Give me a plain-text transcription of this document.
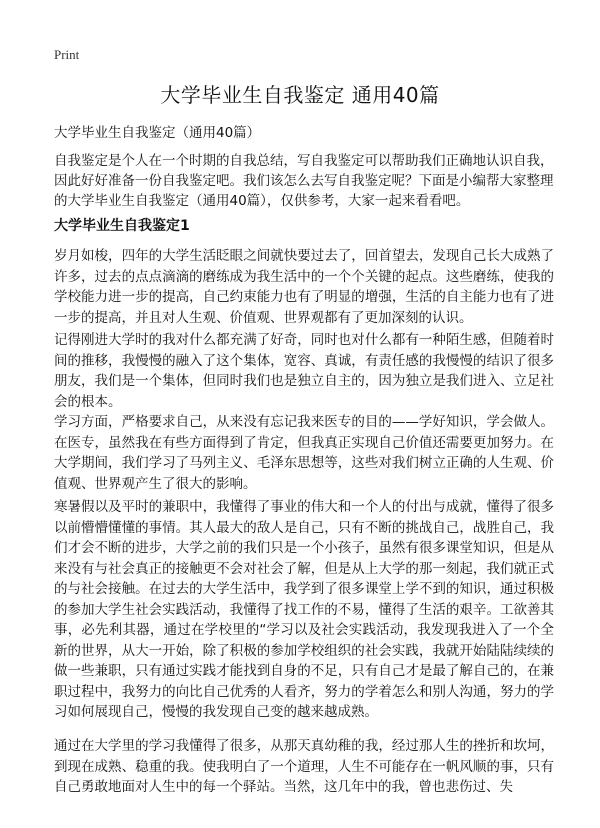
Print
大学毕业生自我鉴定 通用40篇
大学毕业生自我鉴定（通用40篇）

自我鉴定是个人在一个时期的自我总结，写自我鉴定可以帮助我们正确地认识自我，因此好好准备一份自我鉴定吧。我们该怎么去写自我鉴定呢？下面是小编帮大家整理的大学毕业生自我鉴定（通用40篇），仅供参考，大家一起来看看吧。

大学毕业生自我鉴定1

岁月如梭，四年的大学生活眨眼之间就快要过去了，回首望去，发现自己长大成熟了许多，过去的点点滴滴的磨练成为我生活中的一个个关键的起点。这些磨练，使我的学校能力进一步的提高，自己约束能力也有了明显的增强，生活的自主能力也有了进一步的提高，并且对人生观、价值观、世界观都有了更加深刻的认识。

记得刚进大学时的我对什么都充满了好奇，同时也对什么都有一种陌生感，但随着时间的推移，我慢慢的融入了这个集体，宽容、真诚，有责任感的我慢慢的结识了很多朋友，我们是一个集体，但同时我们也是独立自主的，因为独立是我们进入、立足社会的根本。

学习方面，严格要求自己，从来没有忘记我来医专的目的——学好知识，学会做人。在医专，虽然我在有些方面得到了肯定，但我真正实现自己价值还需要更加努力。在大学期间，我们学习了马列主义、毛泽东思想等，这些对我们树立正确的人生观、价值观、世界观产生了很大的影响。

寒暑假以及平时的兼职中，我懂得了事业的伟大和一个人的付出与成就，懂得了很多以前懵懵懂懂的事情。其人最大的敌人是自己，只有不断的挑战自己，战胜自己，我们才会不断的进步，大学之前的我们只是一个小孩子，虽然有很多课堂知识，但是从来没有与社会真正的接触更不会对社会了解，但是从上大学的那一刻起，我们就正式的与社会接触。在过去的大学生活中，我学到了很多课堂上学不到的知识，通过积极的参加大学生社会实践活动，我懂得了找工作的不易，懂得了生活的艰辛。工欲善其事，必先利其器，通过在学校里的“学习以及社会实践活动，我发现我进入了一个全新的世界，从大一开始，除了积极的参加学校组织的社会实践，我就开始陆陆续续的做一些兼职，只有通过实践才能找到自身的不足，只有自己才是最了解自己的，在兼职过程中，我努力的向比自己优秀的人看齐，努力的学着怎么和别人沟通，努力的学习如何展现自己，慢慢的我发现自己变的越来越成熟。

通过在大学里的学习我懂得了很多，从那天真幼稚的我，经过那人生的挫折和坎坷，到现在成熟、稳重的我。使我明白了一个道理，人生不可能存在一帆风顺的事，只有自己勇敢地面对人生中的每一个驿站。当然，这几年中的我，曾也悲伤过、失
